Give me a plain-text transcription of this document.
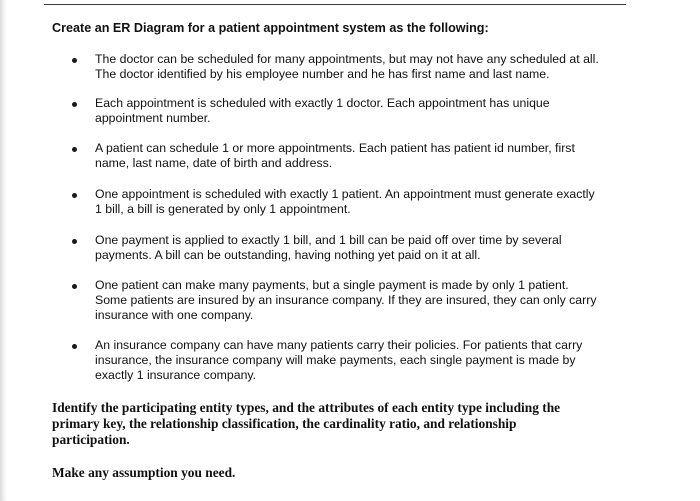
Create an ER Diagram for a patient appointment system as the following:
The doctor can be scheduled for many appointments, but may not have any scheduled at all.
The doctor identified by his employee number and he has first name and last name.
Each appointment is scheduled with exactly 1 doctor. Each appointment has unique
appointment number.
A patient can schedule 1 or more appointments. Each patient has patient id number, first
name, last name, date of birth and address.
One appointment is scheduled with exactly 1 patient. An appointment must generate exactly
1 bill, a bill is generated by only 1 appointment.
One payment is applied to exactly 1 bill, and 1 bill can be paid off over time by several
payments. A bill can be outstanding, having nothing yet paid on it at all.
One patient can make many payments, but a single payment is made by only 1 patient.
Some patients are insured by an insurance company. If they are insured, they can only carry
insurance with one company.
An insurance company can have many patients carry their policies. For patients that carry
insurance, the insurance company will make payments, each single payment is made by
exactly 1 insurance company.
Identify the participating entity types, and the attributes of each entity type including the
primary key, the relationship classification, the cardinality ratio, and relationship
participation.
Make any assumption you need.
